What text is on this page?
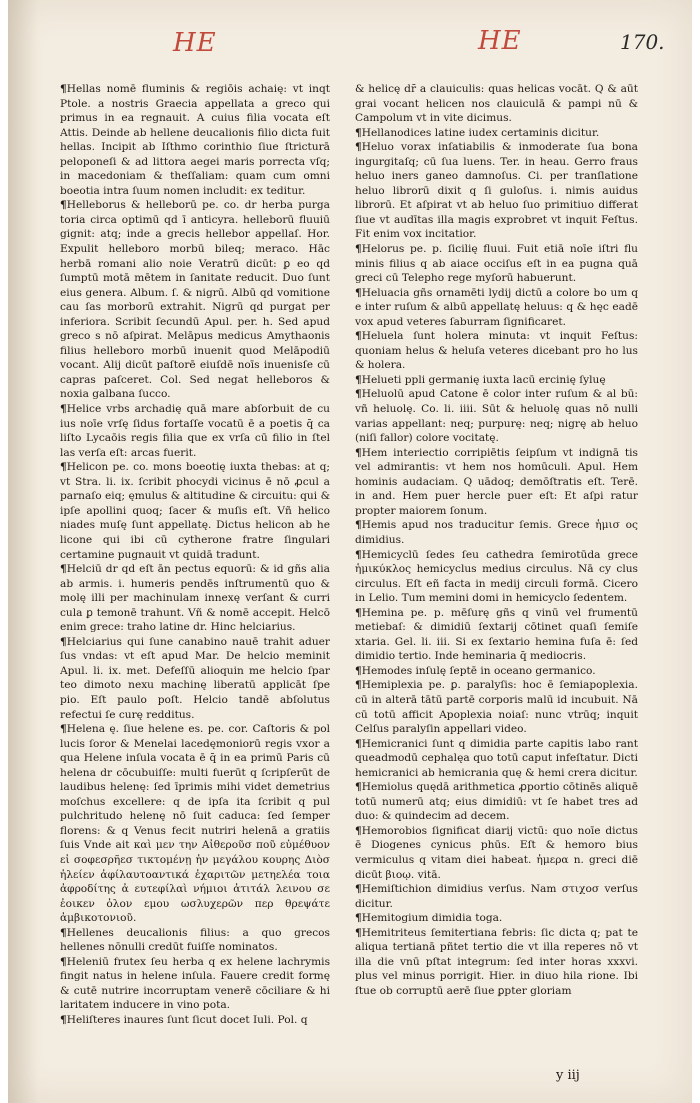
HE	HE	170.

¶Hellas nomē fluminis & regiōis achaię: vt inqt Ptole. a nostris Graecia appellata a greco qui primus in ea regnauit. A cuius filia vocata eſt Attis. Deinde ab hellene deucalionis filio dicta fuit hellas. Incipit ab Iſthmo corinthio ſiue ſtricturā peloponeſi & ad littora aegei maris porrecta vſq; in macedoniam & theſſaliam: quam cum omni boeotia intra ſuum nomen includit: ex teditur.

¶Helleborus & helleborū pe. co. dr herba purga toria circa optimū qd ī anticyra. helleborū fluuiū gignit: atq; inde a grecis hellebor appellaſ. Hor. Expulit helleboro morbū bileq; meraco. Hāc herbā romani alio noie Veratrū dicūt: ꝑ eo qd ſumptū motā mētem in ſanitate reducit. Duo ſunt eius genera. Album. ſ. & nigrū. Albū qd vomitione cau ſas morborū extrahit. Nigrū qd purgat per inferiora. Scribit ſecundū Apul. per. h. Sed apud greco s nō aſpirat. Melāpus medicus Amythaonis filius helleboro morbū inuenit quod Melāpodiū vocant. Alij dicūt paſtorē eiuſdē noīs inuenisſe cū capras paſceret. Col. Sed negat helleboros & noxia galbana ſucco.

¶Helice vrbs archadię quā mare abſorbuit de cu ius noīe vrſę ſidus fortaſſe vocatū ē a poetis q̄ ca liſto Lycaōis regis filia que ex vrſa cū filio in ſtel las verſa eſt: arcas fuerit.

¶Helicon pe. co. mons boeotię iuxta thebas: at q; vt Stra. li. ix. ſcribit phocydi vicinus ē nō ꝓcul a parnaſo eiq; ęmulus & altitudine & circuitu: qui & ipſe apollini quoq; ſacer & muſis eſt. Vñ helico niades muſę ſunt appellatę. Dictus helicon ab he licone qui ibi cū cytherone fratre ſingulari certamine pugnauit vt quidā tradunt.

¶Helciū dr qd eſt ān pectus equorū: & id gñs alia ab armis. i. humeris pendēs inſtrumentū quo & molę illi per machinulam innexę verſant & curri cula ꝑ temonē trahunt. Vñ & nomē accepit. Helcō enim grece: traho latine dr. Hinc helciarius.

¶Helciarius qui ſune canabino nauē trahit aduer ſus vndas: vt eſt apud Mar. De helcio meminit Apul. li. ix. met. Defeſſū alioquin me helcio ſpar teo dimoto nexu machinę liberatū applicāt ſpe pio. Eſt paulo poſt. Helcio tandē abſolutus refectui ſe curę redditus.

¶Helena ę. ſiue helene es. pe. cor. Caſtoris & pol lucis ſoror & Menelai lacedęmoniorū regis vxor a qua Helene inſula vocata ē q̄ in ea primū Paris cū helena dr cōcubuiſſe: multi fuerūt q ſcripſerūt de laudibus helenę: ſed īprimis mihi videt demetrius moſchus excellere: q de ipſa ita ſcribit q pul pulchritudo helenę nō ſuit caduca: ſed ſemper florens: & q Venus fecit nutriri helenā a gratiis ſuis Vnde ait καὶ μεν την Αἰθεροῦσ ποῦ εὐμέθυον εἰ σοφεσρῆεσ τικτομένῃ ἡν μεγάλου κουρης Διὸσ ἠλείεν ἀφίλαυτοαντικά ἐχαριτῶν μετηελέα τοια ἀφροδίτης ἀ ευτεφίλαὶ νήμιοι ἀτιτάλ λεινου σε ἐοικεν ὀλον εμου ωσλυχερῶν περ θρεψάτε ἀμβικοτονιοῦ.

¶Hellenes deucalionis filius: a quo grecos hellenes nōnulli credūt fuiſſe nominatos.

¶Heleniū frutex ſeu herba q ex helene lachrymis fingit natus in helene inſula. Fauere credit formę & cutē nutrire incorruptam venerē cōciliare & hi laritatem inducere in vino pota.

¶Heliſteres inaures ſunt ſicut docet Iuli. Pol. q

& helicę dr̄ a clauiculis: quas helicas vocāt. Q & aūt grai vocant helicen nos clauiculā & pampi nū & Campolum vt in vite dicimus.

¶Hellanodices latine iudex certaminis dicitur.

¶Heluo vorax inſatiabilis & inmoderate ſua bona ingurgitaſq; cū ſua luens. Ter. in heau. Gerro fraus heluo iners ganeo damnoſus. Ci. per tranſlatione heluo librorū dixit q ſi guloſus. i. nimis auidus librorū. Et aſpirat vt ab heluo ſuo primitiuo differat ſiue vt audītas illa magis exprobret vt inquit Feſtus. Fit enim vox incitatior.

¶Helorus pe. p. ſicilię fluui. Fuit etiā noīe iſtri flu minis filius q ab aiace occiſus eſt in ea pugna quā greci cū Telepho rege myſorū habuerunt.

¶Heluacia gñs ornamēti lydij dictū a colore bo um q e inter ruſum & albū appellatę heluus: q & hęc eadē vox apud veteres ſaburram ſignificaret.

¶Heluela ſunt holera minuta: vt inquit Feſtus: quoniam helus & heluſa veteres dicebant pro ho lus & holera.

¶Helueti ppli germanię iuxta lacū ercinię ſyluę

¶Heluolū apud Catone ē color inter ruſum & al bū: vñ heluolę. Co. li. iiii. Sūt & heluolę quas nō nulli varias appellant: neq; purpurę: neq; nigrę ab heluo (niſi fallor) colore vocitatę.

¶Hem interiectio corripiētis ſeipſum vt indignā tis vel admirantis: vt hem nos homūculi. Apul. Hem hominis audaciam. Q uādoq; demōſtratis eſt. Terē. in and. Hem puer hercle puer eſt: Et aſpi ratur propter maiorem ſonum.

¶Hemis apud nos traducitur ſemis. Grece ἡμισ ος dimidius.

¶Hemicyclū ſedes ſeu cathedra ſemirotūda grece ἡμικύκλος hemicyclus medius circulus. Nā cy clus circulus. Eſt eñ facta in medij circuli formā. Cicero in Lelio. Tum memini domi in hemicyclo ſedentem.

¶Hemina pe. p. mēſurę gñs q vinū vel frumentū metiebaſ: & dimidiū ſextarij cōtinet quaſi ſemiſe xtaria. Gel. li. iii. Si ex ſextario hemina fuſa ē: ſed dimidio tertio. Inde heminaria q̄ mediocris.

¶Hemodes inſulę ſeptē in oceano germanico.

¶Hemiplexia pe. ꝑ. paralyſis: hoc ē ſemiapoplexia. cū in alterā tātū partē corporis malū id incubuit. Nā cū totū afficit Apoplexia noiaſ: nunc vtrūq; inquit Celſus paralyſin appellari video.

¶Hemicranici ſunt q dimidia parte capitis labo rant queadmodū cephalęa quo totū caput infeſtatur. Dicti hemicranici ab hemicrania quę & hemi crera dicitur.

¶Hemiolus quędā arithmetica ꝓportio cōtinēs aliquē totū numerū atq; eius dimidiū: vt ſe habet tres ad duo: & quindecim ad decem.

¶Hemorobios ſignificat diarij victū: quo noīe dictus ē Diogenes cynicus phūs. Eſt & hemoro bius vermiculus q vitam diei habeat. ἡμερα n. greci diē dicūt βιοῳ. vitā.

¶Hemiſtichion dimidius verſus. Nam στιχοσ verſus dicitur.

¶Hemitogium dimidia toga.

¶Hemitriteus ſemitertiana febris: ſic dicta q; pat te aliqua tertianā pñtet tertio die vt illa reperes nō vt illa die vnū pſtat integrum: ſed inter horas xxxvi. plus vel minus porrigit. Hier. in diuo hila rione. Ibi ſtue ob corruptū aerē ſiue ꝑpter gloriam

y iij
